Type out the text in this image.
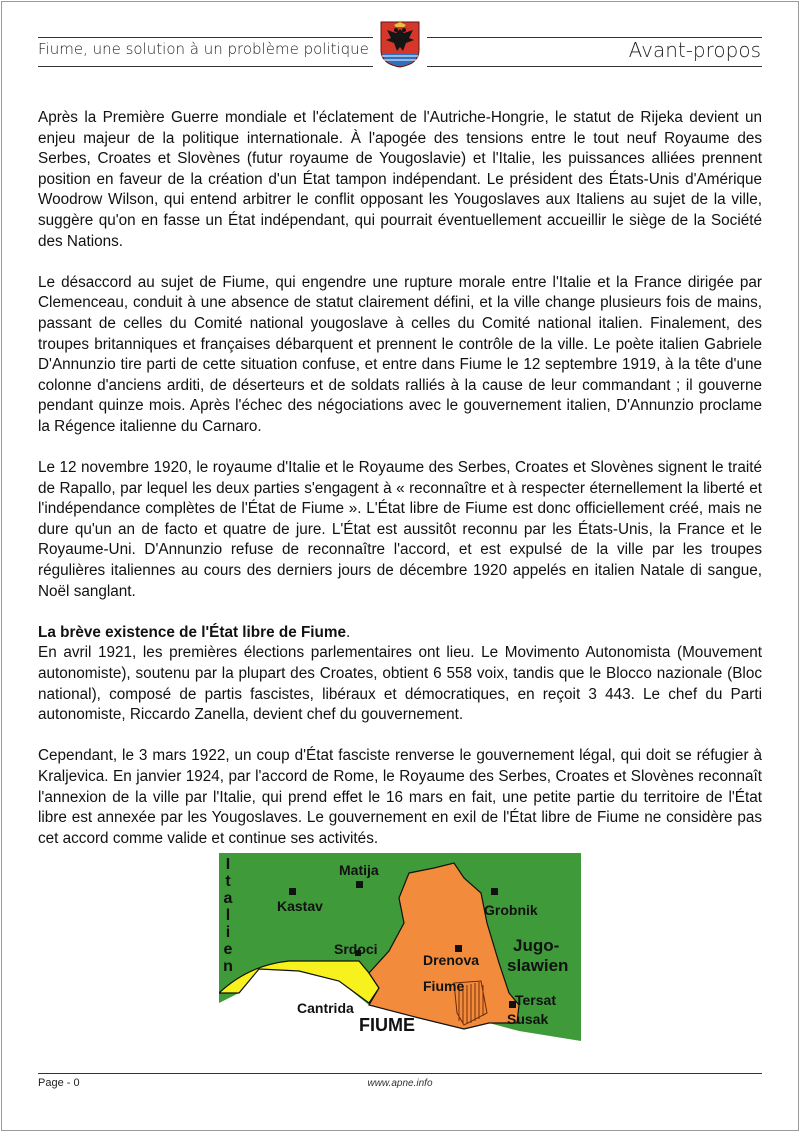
Fiume, une solution à un problème politique	Avant-propos

Après la Première Guerre mondiale et l'éclatement de l'Autriche-Hongrie, le statut de Rijeka devient un enjeu majeur de la politique internationale. À l'apogée des tensions entre le tout neuf Royaume des Serbes, Croates et Slovènes (futur royaume de Yougoslavie) et l'Italie, les puissances alliées prennent position en faveur de la création d'un État tampon indépendant. Le président des États-Unis d'Amérique Woodrow Wilson, qui entend arbitrer le conflit opposant les Yougoslaves aux Italiens au sujet de la ville, suggère qu'on en fasse un État indépendant, qui pourrait éventuellement accueillir le siège de la Société des Nations.

Le désaccord au sujet de Fiume, qui engendre une rupture morale entre l'Italie et la France dirigée par Clemenceau, conduit à une absence de statut clairement défini, et la ville change plusieurs fois de mains, passant de celles du Comité national yougoslave à celles du Comité national italien. Finalement, des troupes britanniques et françaises débarquent et prennent le contrôle de la ville. Le poète italien Gabriele D'Annunzio tire parti de cette situation confuse, et entre dans Fiume le 12 septembre 1919, à la tête d'une colonne d'anciens arditi, de déserteurs et de soldats ralliés à la cause de leur commandant ; il gouverne pendant quinze mois. Après l'échec des négociations avec le gouvernement italien, D'Annunzio proclame la Régence italienne du Carnaro.

Le 12 novembre 1920, le royaume d'Italie et le Royaume des Serbes, Croates et Slovènes signent le traité de Rapallo, par lequel les deux parties s'engagent à « reconnaître et à respecter éternellement la liberté et l'indépendance complètes de l'État de Fiume ». L'État libre de Fiume est donc officiellement créé, mais ne dure qu'un an de facto et quatre de jure. L'État est aussitôt reconnu par les États-Unis, la France et le Royaume-Uni. D'Annunzio refuse de reconnaître l'accord, et est expulsé de la ville par les troupes régulières italiennes au cours des derniers jours de décembre 1920 appelés en italien Natale di sangue, Noël sanglant.

La brève existence de l'État libre de Fiume.

En avril 1921, les premières élections parlementaires ont lieu. Le Movimento Autonomista (Mouvement autonomiste), soutenu par la plupart des Croates, obtient 6 558 voix, tandis que le Blocco nazionale (Bloc national), composé de partis fascistes, libéraux et démocratiques, en reçoit 3 443. Le chef du Parti autonomiste, Riccardo Zanella, devient chef du gouvernement.

Cependant, le 3 mars 1922, un coup d'État fasciste renverse le gouvernement légal, qui doit se réfugier à Kraljevica. En janvier 1924, par l'accord de Rome, le Royaume des Serbes, Croates et Slovènes reconnaît l'annexion de la ville par l'Italie, qui prend effet le 16 mars en fait, une petite partie du territoire de l'État libre est annexée par les Yougoslaves. Le gouvernement en exil de l'État libre de Fiume ne considère pas cet accord comme valide et continue ses activités.

Matija
Kastav	Grobnik
Srdoci
Drenova
Jugo-
slawien
Fiume
Tersat
Susak
Cantrida
FIUME
I
t
a
l
i
e
n
Page - 0	www.apne.info
